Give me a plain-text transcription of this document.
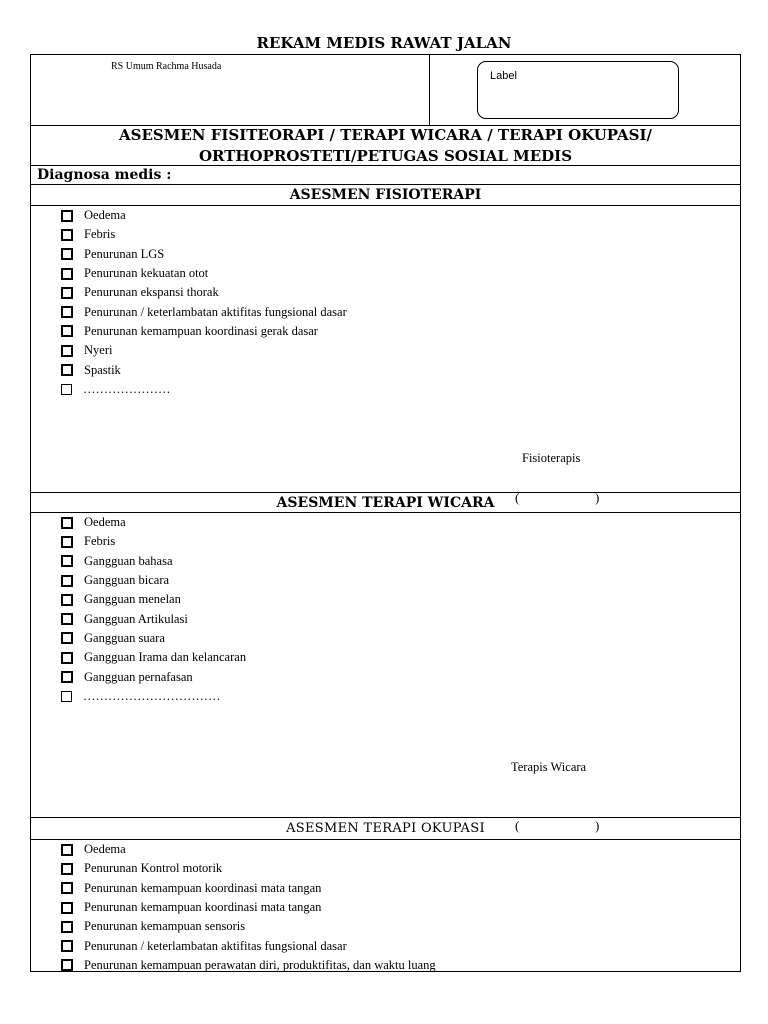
REKAM MEDIS RAWAT JALAN
RS Umum Rachma Husada
Label
ASESMEN FISITEORAPI / TERAPI WICARA / TERAPI OKUPASI/
ORTHOPROSTETI/PETUGAS SOSIAL MEDIS
Diagnosa medis :
ASESMEN FISIOTERAPI
Oedema
Febris
Penurunan LGS
Penurunan kekuatan otot
Penurunan ekspansi thorak
Penurunan / keterlambatan aktifitas fungsional dasar
Penurunan kemampuan koordinasi gerak dasar
Nyeri
Spastik
…………………
Fisioterapis
(	)
ASESMEN TERAPI WICARA
Oedema
Febris
Gangguan bahasa
Gangguan bicara
Gangguan menelan
Gangguan Artikulasi
Gangguan suara
Gangguan Irama dan kelancaran
Gangguan pernafasan
……………………………
Terapis Wicara
(	)
ASESMEN TERAPI OKUPASI
Oedema
Penurunan Kontrol motorik
Penurunan kemampuan koordinasi mata tangan
Penurunan kemampuan koordinasi mata tangan
Penurunan kemampuan sensoris
Penurunan / keterlambatan aktifitas fungsional dasar
Penurunan kemampuan perawatan diri, produktifitas, dan waktu luang
